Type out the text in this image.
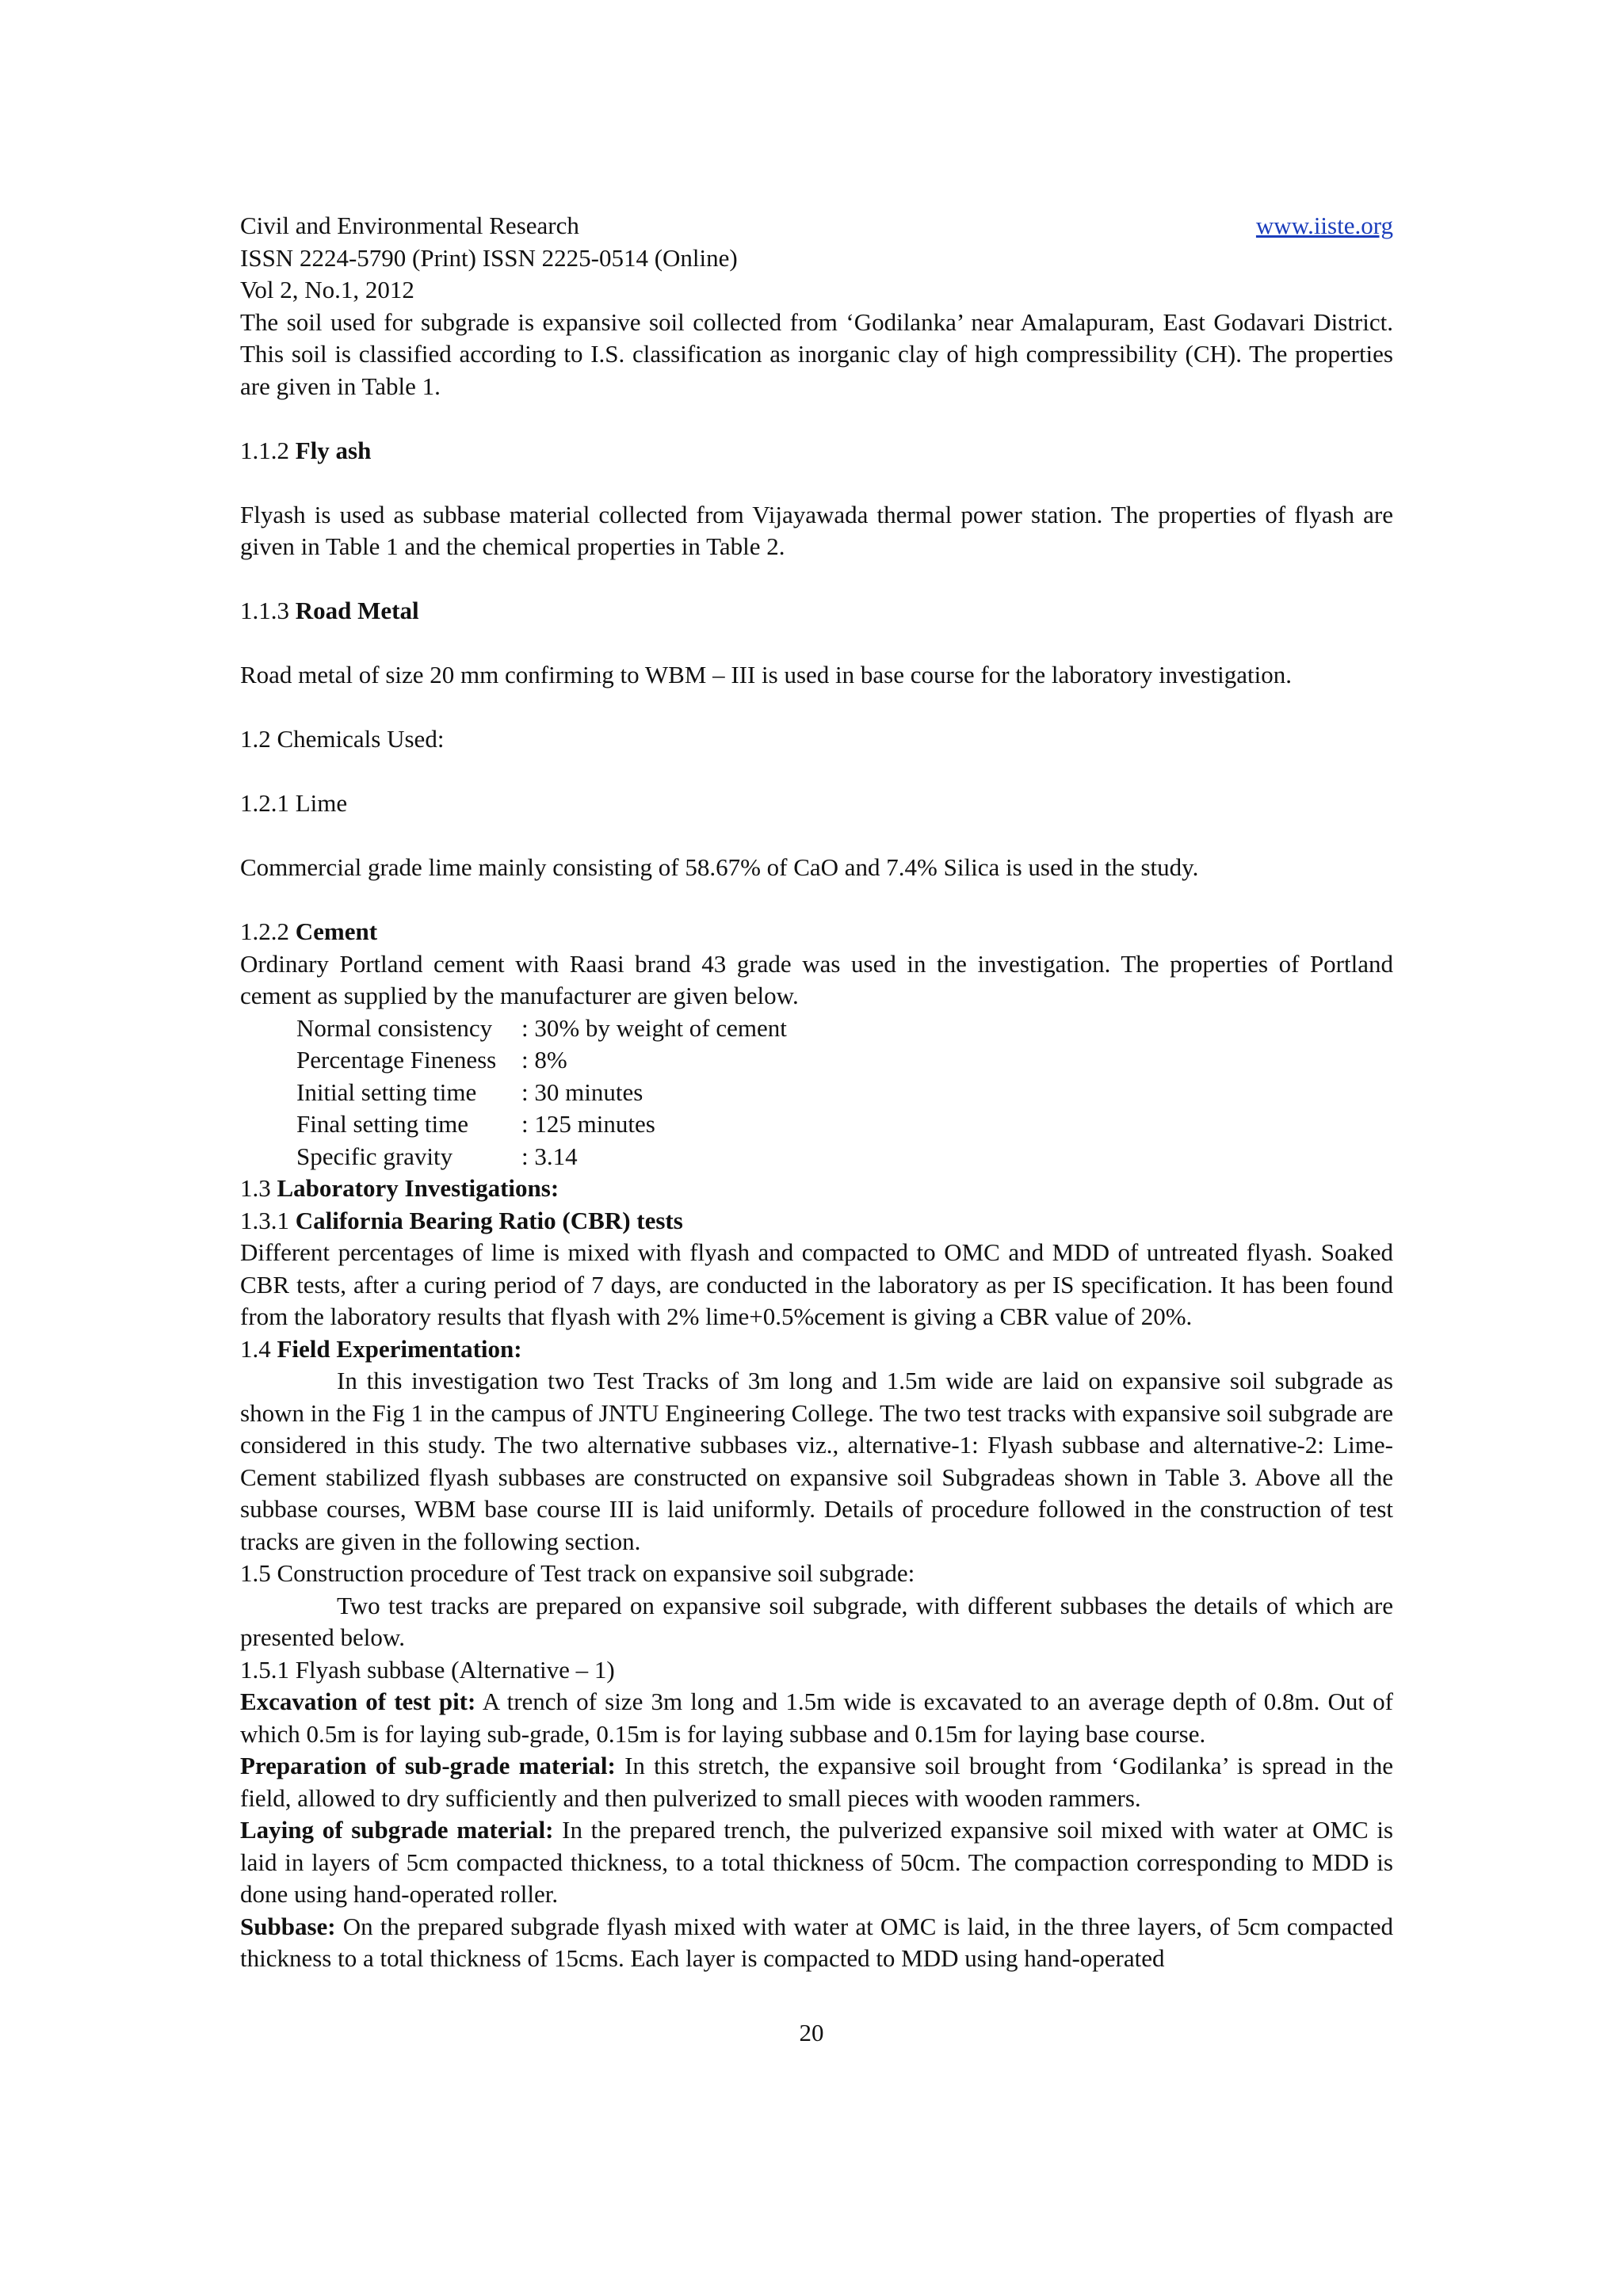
Civil and Environmental Research	www.iiste.org

ISSN 2224-5790 (Print) ISSN 2225-0514 (Online)

Vol 2, No.1, 2012

The soil used for subgrade is expansive soil collected from ‘Godilanka’ near Amalapuram, East Godavari District. This soil is classified according to I.S. classification as inorganic clay of high compressibility (CH). The properties are given in Table 1.

1.1.2 Fly ash

Flyash is used as subbase material collected from Vijayawada thermal power station. The properties of flyash are given in Table 1 and the chemical properties in Table 2.

1.1.3 Road Metal

Road metal of size 20 mm confirming to WBM – III is used in base course for the laboratory investigation.

1.2 Chemicals Used:

1.2.1 Lime

Commercial grade lime mainly consisting of 58.67% of CaO and 7.4% Silica is used in the study.

1.2.2 Cement

Ordinary Portland cement with Raasi brand 43 grade was used in the investigation. The properties of Portland cement as supplied by the manufacturer are given below.

Normal consistency	: 30% by weight of cement
Percentage Fineness	: 8%
Initial setting time	: 30 minutes
Final setting time	: 125 minutes
Specific gravity	: 3.14

1.3 Laboratory Investigations:

1.3.1 California Bearing Ratio (CBR) tests

Different percentages of lime is mixed with flyash and compacted to OMC and MDD of untreated flyash. Soaked CBR tests, after a curing period of 7 days, are conducted in the laboratory as per IS specification. It has been found from the laboratory results that flyash with 2% lime+0.5%cement is giving a CBR value of 20%.

1.4 Field Experimentation:

In this investigation two Test Tracks of 3m long and 1.5m wide are laid on expansive soil subgrade as shown in the Fig 1 in the campus of JNTU Engineering College. The two test tracks with expansive soil subgrade are considered in this study. The two alternative subbases viz., alternative-1: Flyash subbase and alternative-2: Lime-Cement stabilized flyash subbases are constructed on expansive soil Subgradeas shown in Table 3. Above all the subbase courses, WBM base course III is laid uniformly. Details of procedure followed in the construction of test tracks are given in the following section.

1.5 Construction procedure of Test track on expansive soil subgrade:

Two test tracks are prepared on expansive soil subgrade, with different subbases the details of which are presented below.

1.5.1 Flyash subbase (Alternative – 1)

Excavation of test pit: A trench of size 3m long and 1.5m wide is excavated to an average depth of 0.8m. Out of which 0.5m is for laying sub-grade, 0.15m is for laying subbase and 0.15m for laying base course.

Preparation of sub-grade material: In this stretch, the expansive soil brought from ‘Godilanka’ is spread in the field, allowed to dry sufficiently and then pulverized to small pieces with wooden rammers.

Laying of subgrade material: In the prepared trench, the pulverized expansive soil mixed with water at OMC is laid in layers of 5cm compacted thickness, to a total thickness of 50cm. The compaction corresponding to MDD is done using hand-operated roller.

Subbase: On the prepared subgrade flyash mixed with water at OMC is laid, in the three layers, of 5cm compacted thickness to a total thickness of 15cms. Each layer is compacted to MDD using hand-operated

20
